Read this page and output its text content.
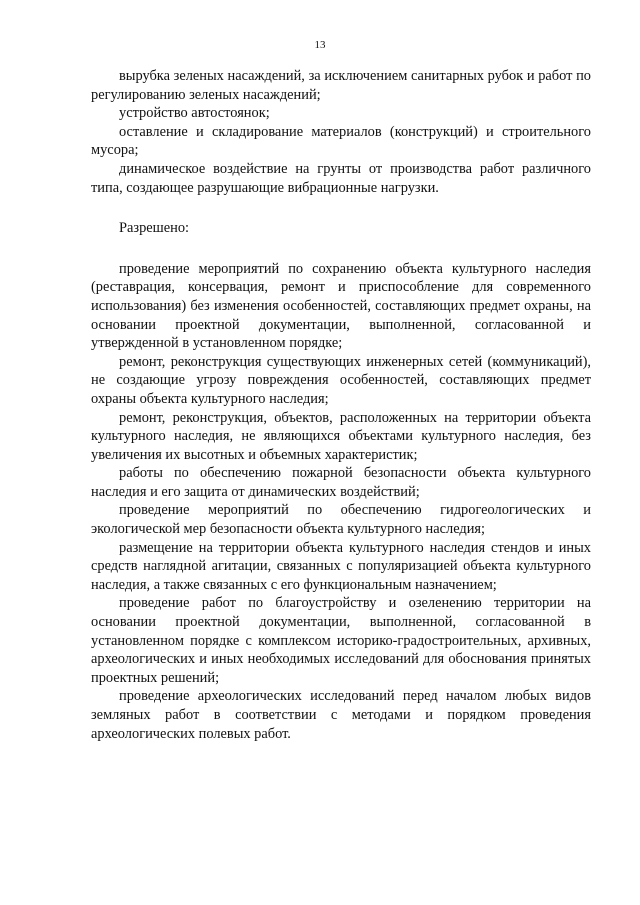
13

вырубка зеленых насаждений, за исключением санитарных рубок и работ по регулированию зеленых насаждений;

устройство автостоянок;

оставление и складирование материалов (конструкций) и строительного мусора;

динамическое воздействие на грунты от производства работ различного типа, создающее разрушающие вибрационные нагрузки.

Разрешено:

проведение мероприятий по сохранению объекта культурного наследия (реставрация, консервация, ремонт и приспособление для современного использования) без изменения особенностей, составляющих предмет охраны, на основании проектной документации, выполненной, согласованной и утвержденной в установленном порядке;

ремонт, реконструкция существующих инженерных сетей (коммуникаций), не создающие угрозу повреждения особенностей, составляющих предмет охраны объекта культурного наследия;

ремонт, реконструкция, объектов, расположенных на территории объекта культурного наследия, не являющихся объектами культурного наследия, без увеличения их высотных и объемных характеристик;

работы по обеспечению пожарной безопасности объекта культурного наследия и его защита от динамических воздействий;

проведение мероприятий по обеспечению гидрогеологических и экологической мер безопасности объекта культурного наследия;

размещение на территории объекта культурного наследия стендов и иных средств наглядной агитации, связанных с популяризацией объекта культурного наследия, а также связанных с его функциональным назначением;

проведение работ по благоустройству и озеленению территории на основании проектной документации, выполненной, согласованной в установленном порядке с комплексом историко-градостроительных, архивных, археологических и иных необходимых исследований для обоснования принятых проектных решений;

проведение археологических исследований перед началом любых видов земляных работ в соответствии с методами и порядком проведения археологических полевых работ.
